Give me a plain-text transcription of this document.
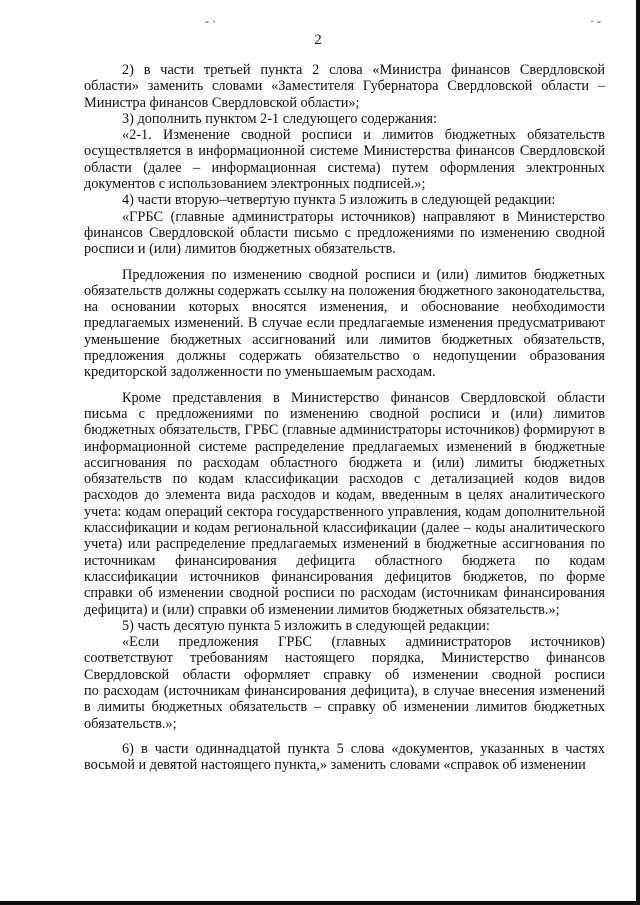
- ·	· -
2

2) в части третьей пункта 2 слова «Министра финансов Свердловской области» заменить словами «Заместителя Губернатора Свердловской области – Министра финансов Свердловской области»;

3) дополнить пунктом 2-1 следующего содержания:

«2-1. Изменение сводной росписи и лимитов бюджетных обязательств осуществляется в информационной системе Министерства финансов Свердловской области (далее – информационная система) путем оформления электронных документов с использованием электронных подписей.»;

4) части вторую–четвертую пункта 5 изложить в следующей редакции:

«ГРБС (главные администраторы источников) направляют в Министерство финансов Свердловской области письмо с предложениями по изменению сводной росписи и (или) лимитов бюджетных обязательств.

Предложения по изменению сводной росписи и (или) лимитов бюджетных обязательств должны содержать ссылку на положения бюджетного законодательства, на основании которых вносятся изменения, и обоснование необходимости предлагаемых изменений. В случае если предлагаемые изменения предусматривают уменьшение бюджетных ассигнований или лимитов бюджетных обязательств, предложения должны содержать обязательство о недопущении образования кредиторской задолженности по уменьшаемым расходам.

Кроме представления в Министерство финансов Свердловской области письма с предложениями по изменению сводной росписи и (или) лимитов бюджетных обязательств, ГРБС (главные администраторы источников) формируют в информационной системе распределение предлагаемых изменений в бюджетные ассигнования по расходам областного бюджета и (или) лимиты бюджетных обязательств по кодам классификации расходов с детализацией кодов видов расходов до элемента вида расходов и кодам, введенным в целях аналитического учета: кодам операций сектора государственного управления, кодам дополнительной классификации и кодам региональной классификации (далее – коды аналитического учета) или распределение предлагаемых изменений в бюджетные ассигнования по источникам финансирования дефицита областного бюджета по кодам классификации источников финансирования дефицитов бюджетов, по форме справки об изменении сводной росписи по расходам (источникам финансирования дефицита) и (или) справки об изменении лимитов бюджетных обязательств.»;

5) часть десятую пункта 5 изложить в следующей редакции:

«Если предложения ГРБС (главных администраторов источников) соответствуют требованиям настоящего порядка, Министерство финансов Свердловской области оформляет справку об изменении сводной росписи по расходам (источникам финансирования дефицита), в случае внесения изменений в лимиты бюджетных обязательств – справку об изменении лимитов бюджетных обязательств.»;

6) в части одиннадцатой пункта 5 слова «документов, указанных в частях восьмой и девятой настоящего пункта,» заменить словами «справок об изменении
